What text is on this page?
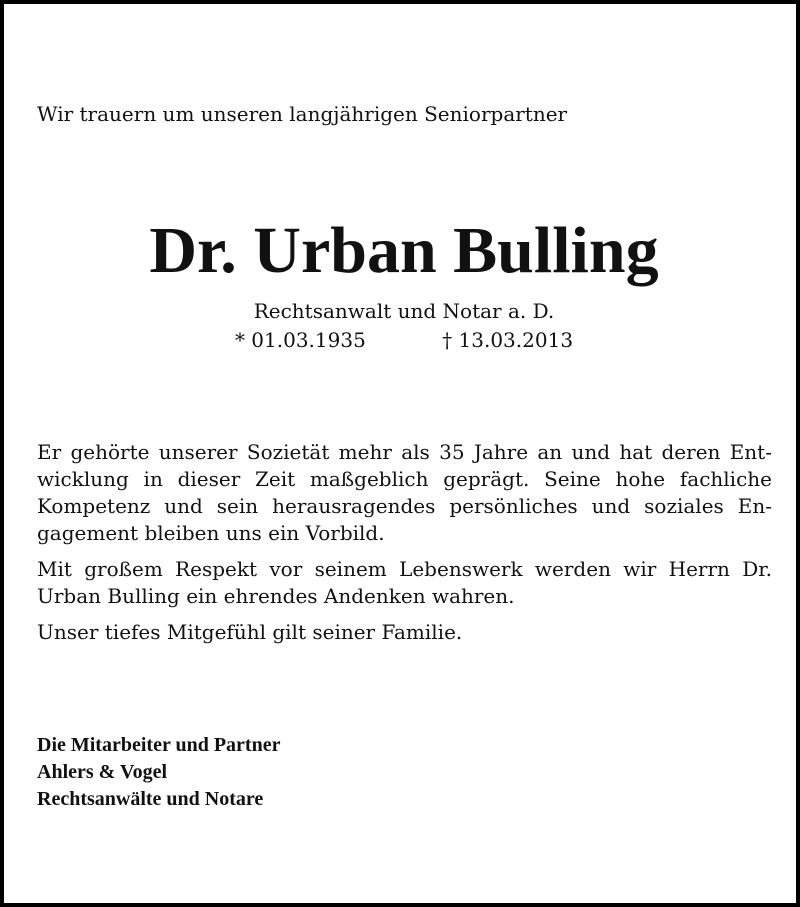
Wir trauern um unseren langjährigen Seniorpartner

Dr. Urban Bulling

Rechtsanwalt und Notar a. D.

* 01.03.1935	† 13.03.2013

Er gehörte unserer Sozietät mehr als 35 Jahre an und hat deren Entwicklung in dieser Zeit maßgeblich geprägt. Seine hohe fachliche Kompetenz und sein herausragendes persönliches und soziales Engagement bleiben uns ein Vorbild.

Mit großem Respekt vor seinem Lebenswerk werden wir Herrn Dr. Urban Bulling ein ehrendes Andenken wahren.

Unser tiefes Mitgefühl gilt seiner Familie.

Die Mitarbeiter und Partner
Ahlers & Vogel
Rechtsanwälte und Notare
